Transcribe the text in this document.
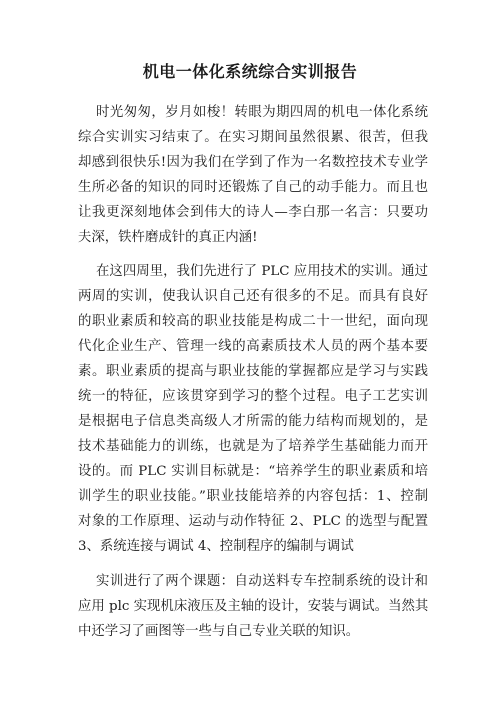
机电一体化系统综合实训报告
时光匆匆，岁月如梭！转眼为期四周的机电一体化系统
综合实训实习结束了。在实习期间虽然很累、很苦，但我
却感到很快乐!因为我们在学到了作为一名数控技术专业学
生所必备的知识的同时还锻炼了自己的动手能力。而且也
让我更深刻地体会到伟大的诗人—李白那一名言：只要功
夫深，铁杵磨成针的真正内涵!
在这四周里，我们先进行了 PLC 应用技术的实训。通过
两周的实训，使我认识自己还有很多的不足。而具有良好
的职业素质和较高的职业技能是构成二十一世纪，面向现
代化企业生产、管理一线的高素质技术人员的两个基本要
素。职业素质的提高与职业技能的掌握都应是学习与实践
统一的特征，应该贯穿到学习的整个过程。电子工艺实训
是根据电子信息类高级人才所需的能力结构而规划的，是
技术基础能力的训练，也就是为了培养学生基础能力而开
设的。而 PLC 实训目标就是：“培养学生的职业素质和培
训学生的职业技能。”职业技能培养的内容包括：1、控制
对象的工作原理、运动与动作特征 2、PLC 的选型与配置
3、系统连接与调试 4、控制程序的编制与调试
实训进行了两个课题：自动送料专车控制系统的设计和
应用 plc 实现机床液压及主轴的设计，安装与调试。当然其
中还学习了画图等一些与自己专业关联的知识。
